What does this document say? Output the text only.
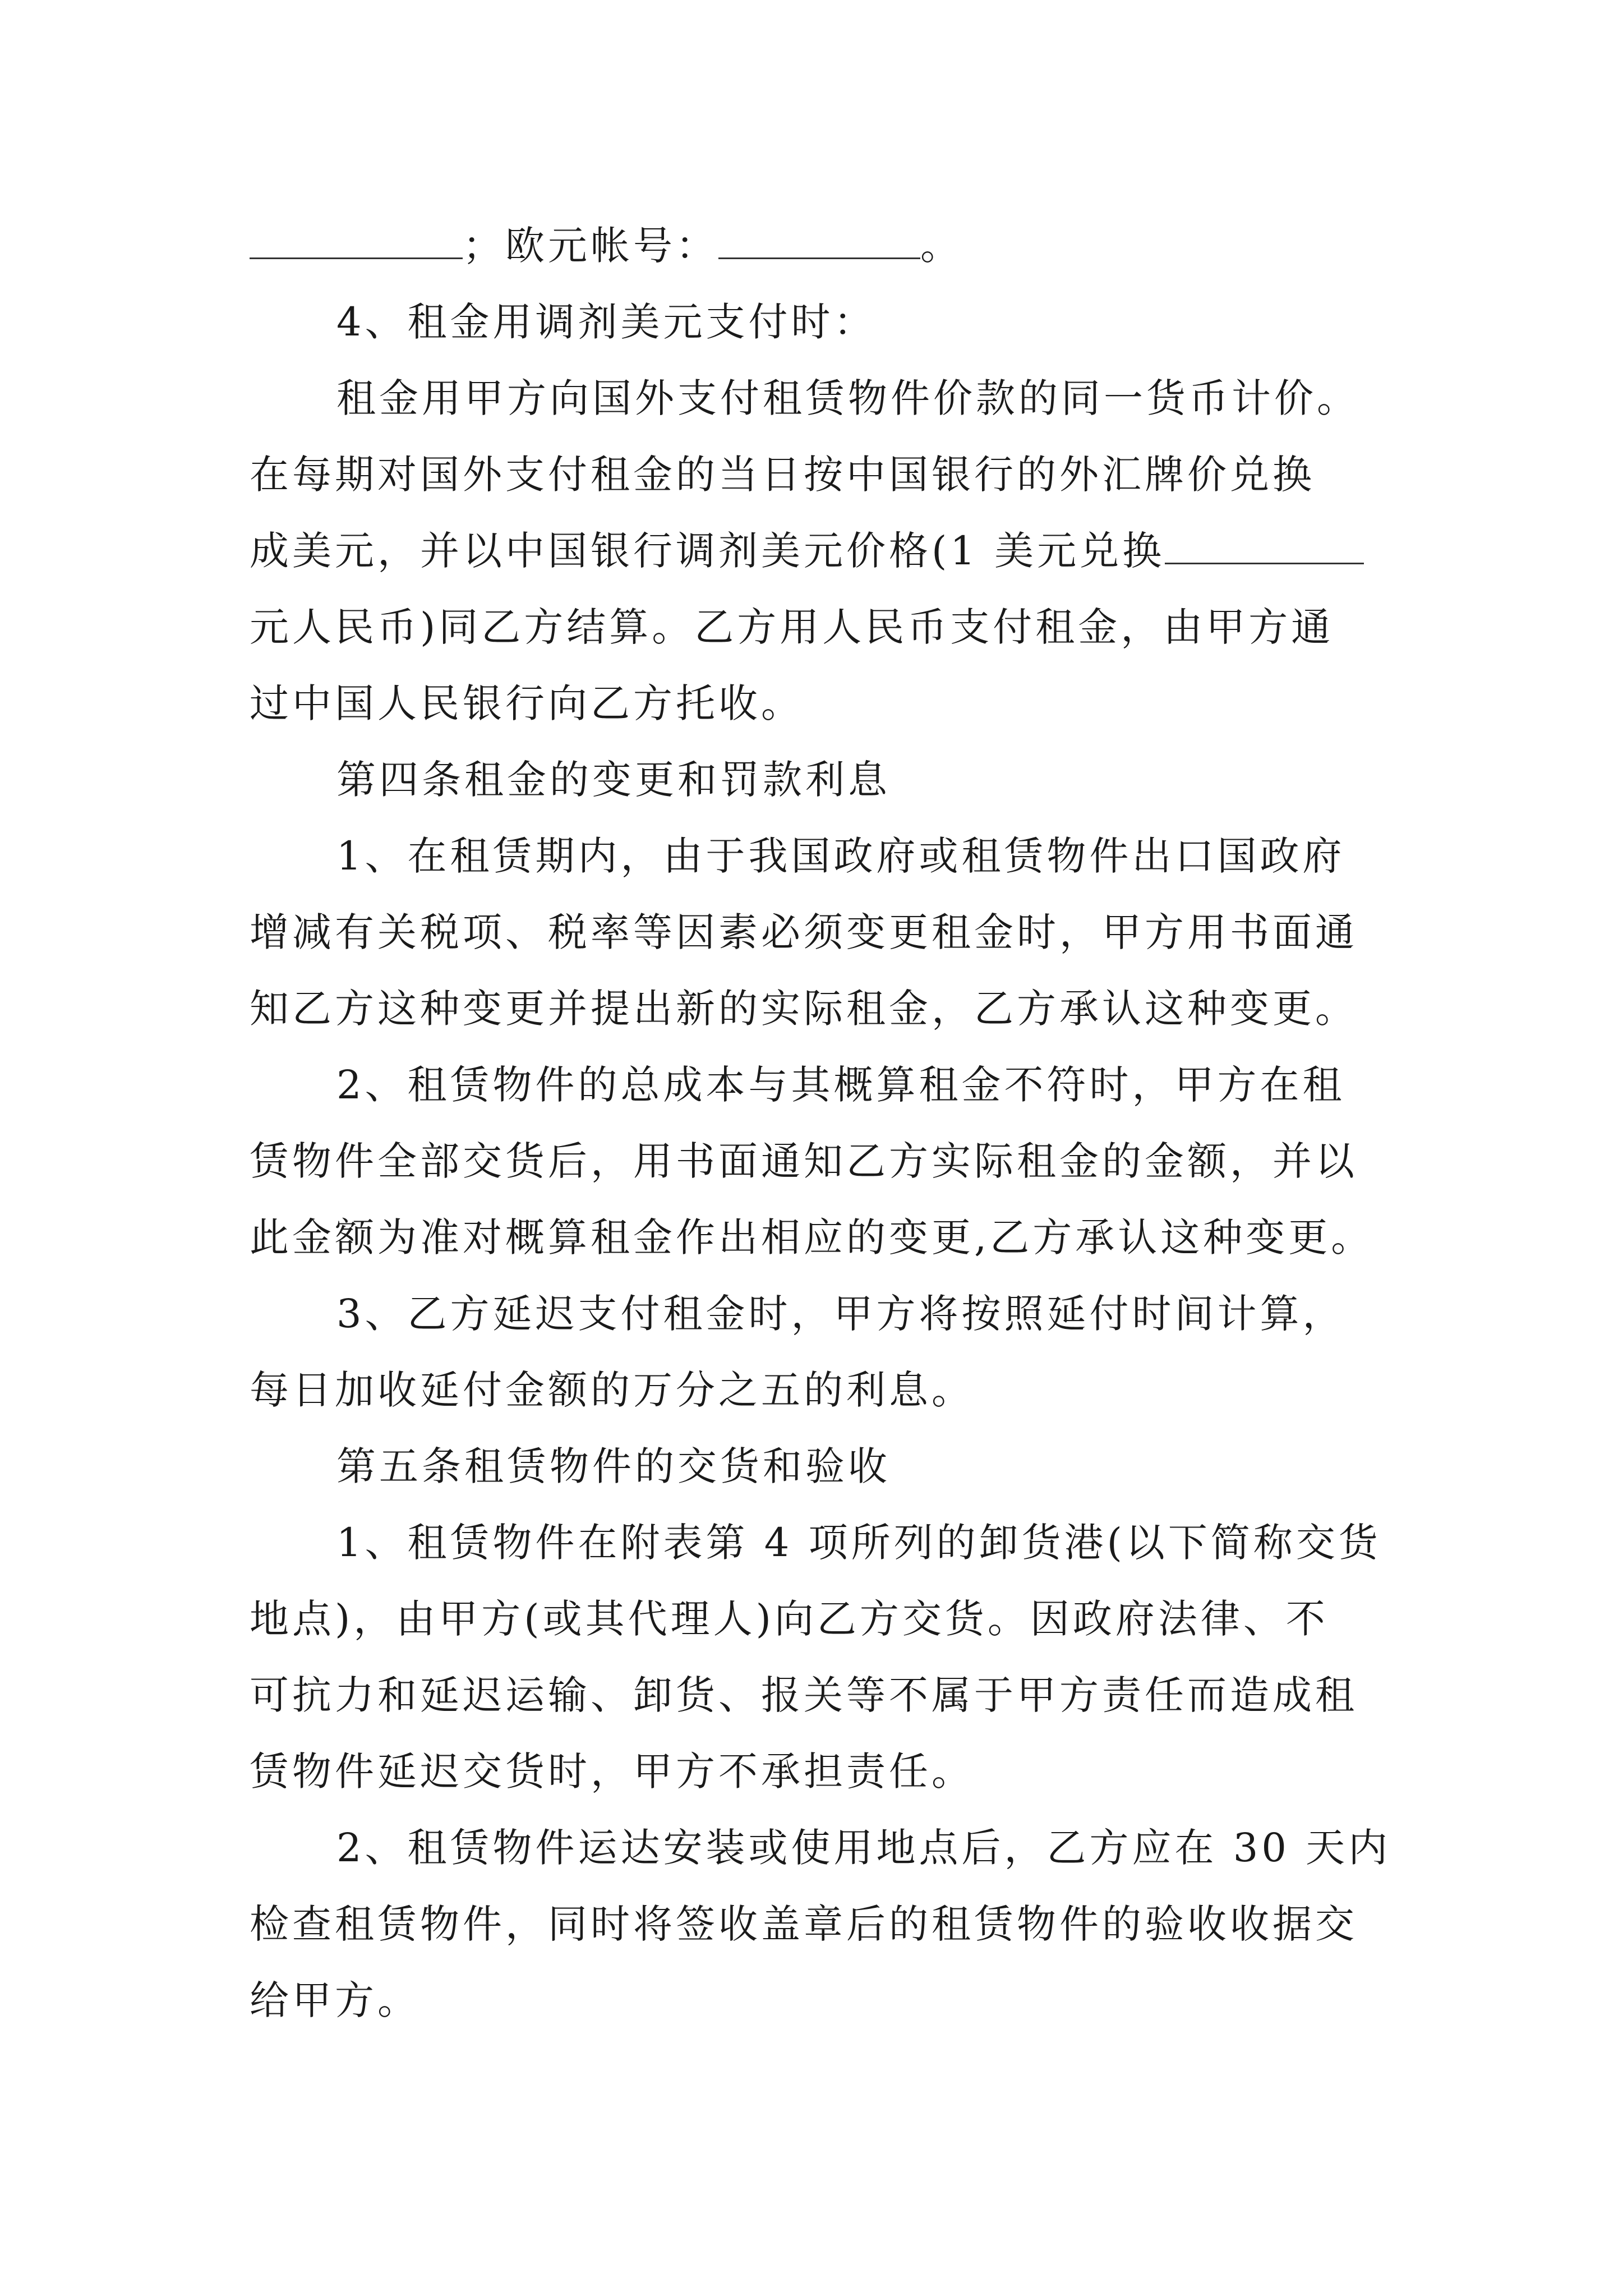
；欧元帐号：	。
4、租金用调剂美元支付时：
租金用甲方向国外支付租赁物件价款的同一货币计价。
在每期对国外支付租金的当日按中国银行的外汇牌价兑换
成美元，并以中国银行调剂美元价格(1 美元兑换
元人民币)同乙方结算。乙方用人民币支付租金，由甲方通
过中国人民银行向乙方托收。
第四条租金的变更和罚款利息
1、在租赁期内，由于我国政府或租赁物件出口国政府
增减有关税项、税率等因素必须变更租金时，甲方用书面通
知乙方这种变更并提出新的实际租金，乙方承认这种变更。
2、租赁物件的总成本与其概算租金不符时，甲方在租
赁物件全部交货后，用书面通知乙方实际租金的金额，并以
此金额为准对概算租金作出相应的变更,乙方承认这种变更。
3、乙方延迟支付租金时，甲方将按照延付时间计算，
每日加收延付金额的万分之五的利息。
第五条租赁物件的交货和验收
1、租赁物件在附表第 4 项所列的卸货港(以下简称交货
地点)，由甲方(或其代理人)向乙方交货。因政府法律、不
可抗力和延迟运输、卸货、报关等不属于甲方责任而造成租
赁物件延迟交货时，甲方不承担责任。
2、租赁物件运达安装或使用地点后，乙方应在 30 天内
检查租赁物件，同时将签收盖章后的租赁物件的验收收据交
给甲方。
